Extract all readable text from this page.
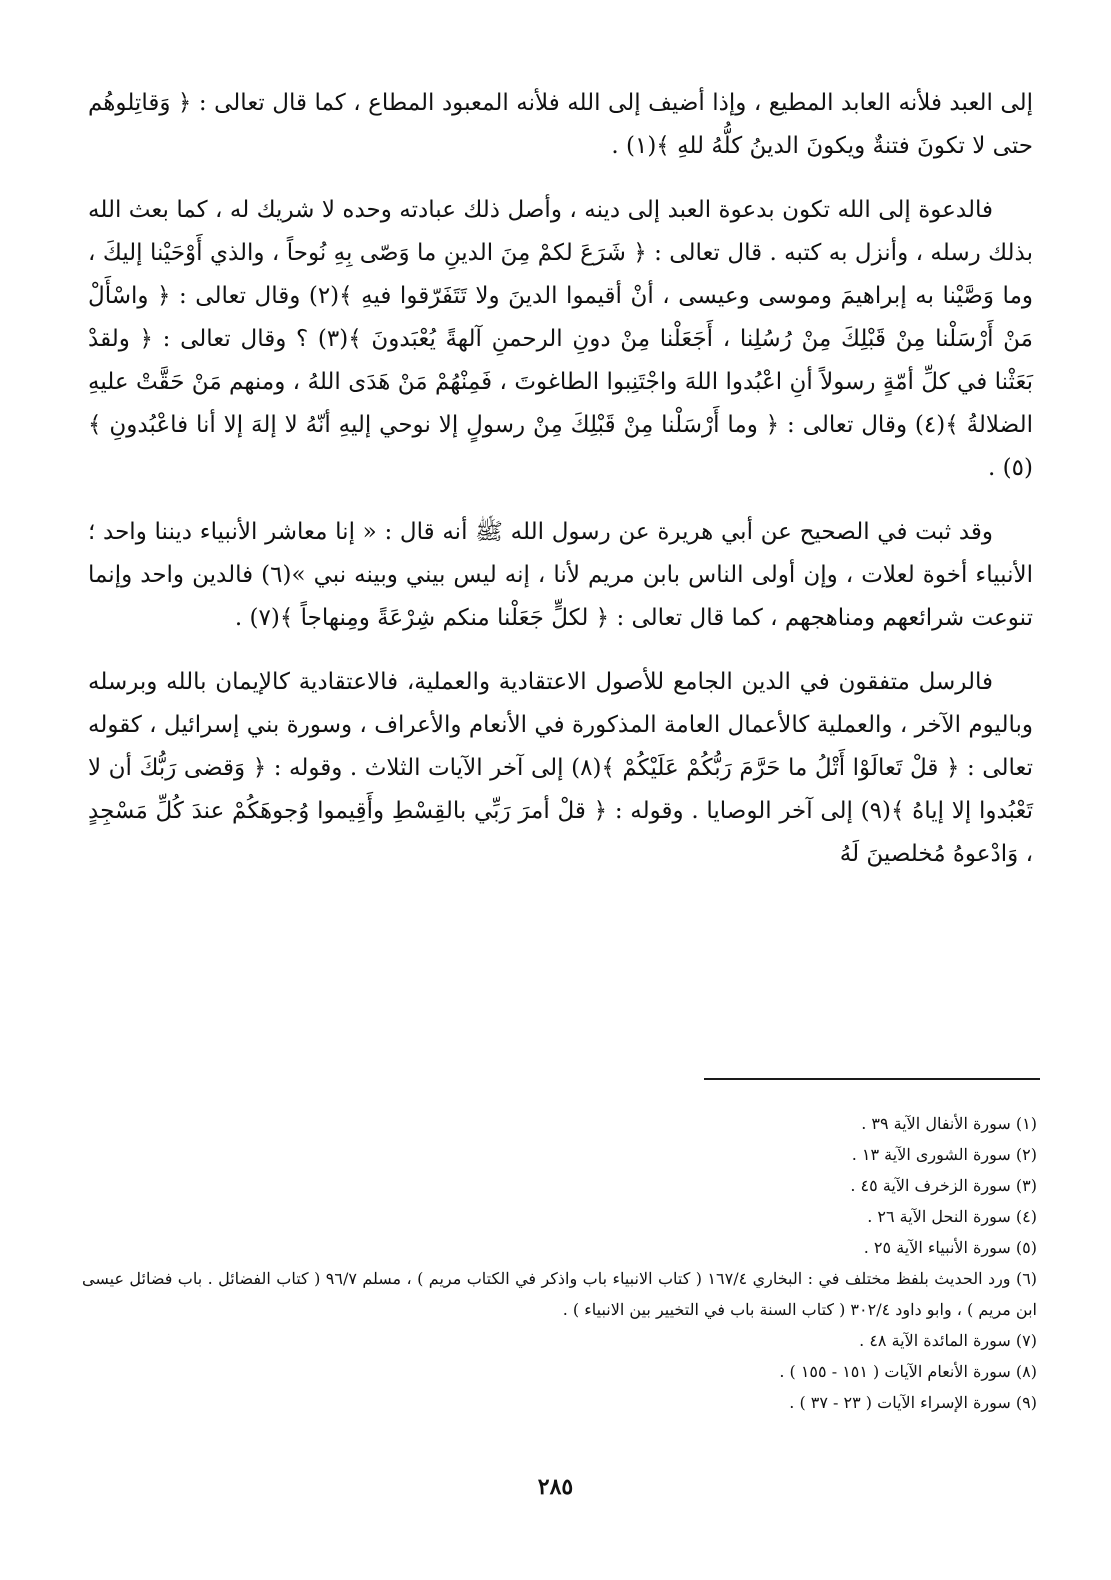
إلى العبد فلأنه العابد المطيع ، وإذا أضيف إلى الله فلأنه المعبود المطاع ، كما قال تعالى : ﴿ وَقاتِلوهُم حتى لا تكونَ فتنةٌ ويكونَ الدينُ كلُّهُ للهِ ﴾(١) .

فالدعوة إلى الله تكون بدعوة العبد إلى دينه ، وأصل ذلك عبادته وحده لا شريك له ، كما بعث الله بذلك رسله ، وأنزل به كتبه . قال تعالى : ﴿ شَرَعَ لكمْ مِنَ الدينِ ما وَصّى بِهِ نُوحاً ، والذي أَوْحَيْنا إليكَ ، وما وَصَّيْنا به إبراهيمَ وموسى وعيسى ، أنْ أقيموا الدينَ ولا تَتَفَرّقوا فيهِ ﴾(٢) وقال تعالى : ﴿ واسْأَلْ مَنْ أَرْسَلْنا مِنْ قَبْلِكَ مِنْ رُسُلِنا ، أَجَعَلْنا مِنْ دونِ الرحمنِ آلهةً يُعْبَدونَ ﴾(٣) ؟ وقال تعالى : ﴿ ولقدْ بَعَثْنا في كلِّ أمّةٍ رسولاً أنِ اعْبُدوا اللهَ واجْتَنِبوا الطاغوتَ ، فَمِنْهُمْ مَنْ هَدَى اللهُ ، ومنهم مَنْ حَقَّتْ عليهِ الضلالةُ ﴾(٤) وقال تعالى : ﴿ وما أَرْسَلْنا مِنْ قَبْلِكَ مِنْ رسولٍ إلا نوحي إليهِ أنّهُ لا إلهَ إلا أنا فاعْبُدونِ ﴾(٥) .

وقد ثبت في الصحيح عن أبي هريرة عن رسول الله ﷺ أنه قال : « إنا معاشر الأنبياء ديننا واحد ؛ الأنبياء أخوة لعلات ، وإن أولى الناس بابن مريم لأنا ، إنه ليس بيني وبينه نبي »(٦) فالدين واحد وإنما تنوعت شرائعهم ومناهجهم ، كما قال تعالى : ﴿ لكلٍّ جَعَلْنا منكم شِرْعَةً ومِنهاجاً ﴾(٧) .

فالرسل متفقون في الدين الجامع للأصول الاعتقادية والعملية، فالاعتقادية كالإيمان بالله وبرسله وباليوم الآخر ، والعملية كالأعمال العامة المذكورة في الأنعام والأعراف ، وسورة بني إسرائيل ، كقوله تعالى : ﴿ قلْ تَعالَوْا أَتْلُ ما حَرَّمَ رَبُّكُمْ عَلَيْكُمْ ﴾(٨) إلى آخر الآيات الثلاث . وقوله : ﴿ وَقضى رَبُّكَ أن لا تَعْبُدوا إلا إياهُ ﴾(٩) إلى آخر الوصايا . وقوله : ﴿ قلْ أمرَ رَبِّي بالقِسْطِ وأَقِيموا وُجوهَكُمْ عندَ كُلِّ مَسْجِدٍ ، وَادْعوهُ مُخلصينَ لَهُ

(١) سورة الأنفال الآية ٣٩ .
(٢) سورة الشورى الآية ١٣ .
(٣) سورة الزخرف الآية ٤٥ .
(٤) سورة النحل الآية ٢٦ .
(٥) سورة الأنبياء الآية ٢٥ .
(٦) ورد الحديث بلفظ مختلف في : البخاري ١٦٧/٤ ( كتاب الانبياء باب واذكر في الكتاب مريم ) ، مسلم ٩٦/٧ ( كتاب الفضائل . باب فضائل عيسى ابن مريم ) ، وابو داود ٣٠٢/٤ ( كتاب السنة باب في التخيير بين الانبياء ) .
(٧) سورة المائدة الآية ٤٨ .
(٨) سورة الأنعام الآيات ( ١٥١ - ١٥٥ ) .
(٩) سورة الإسراء الآيات ( ٢٣ - ٣٧ ) .
٢٨٥
